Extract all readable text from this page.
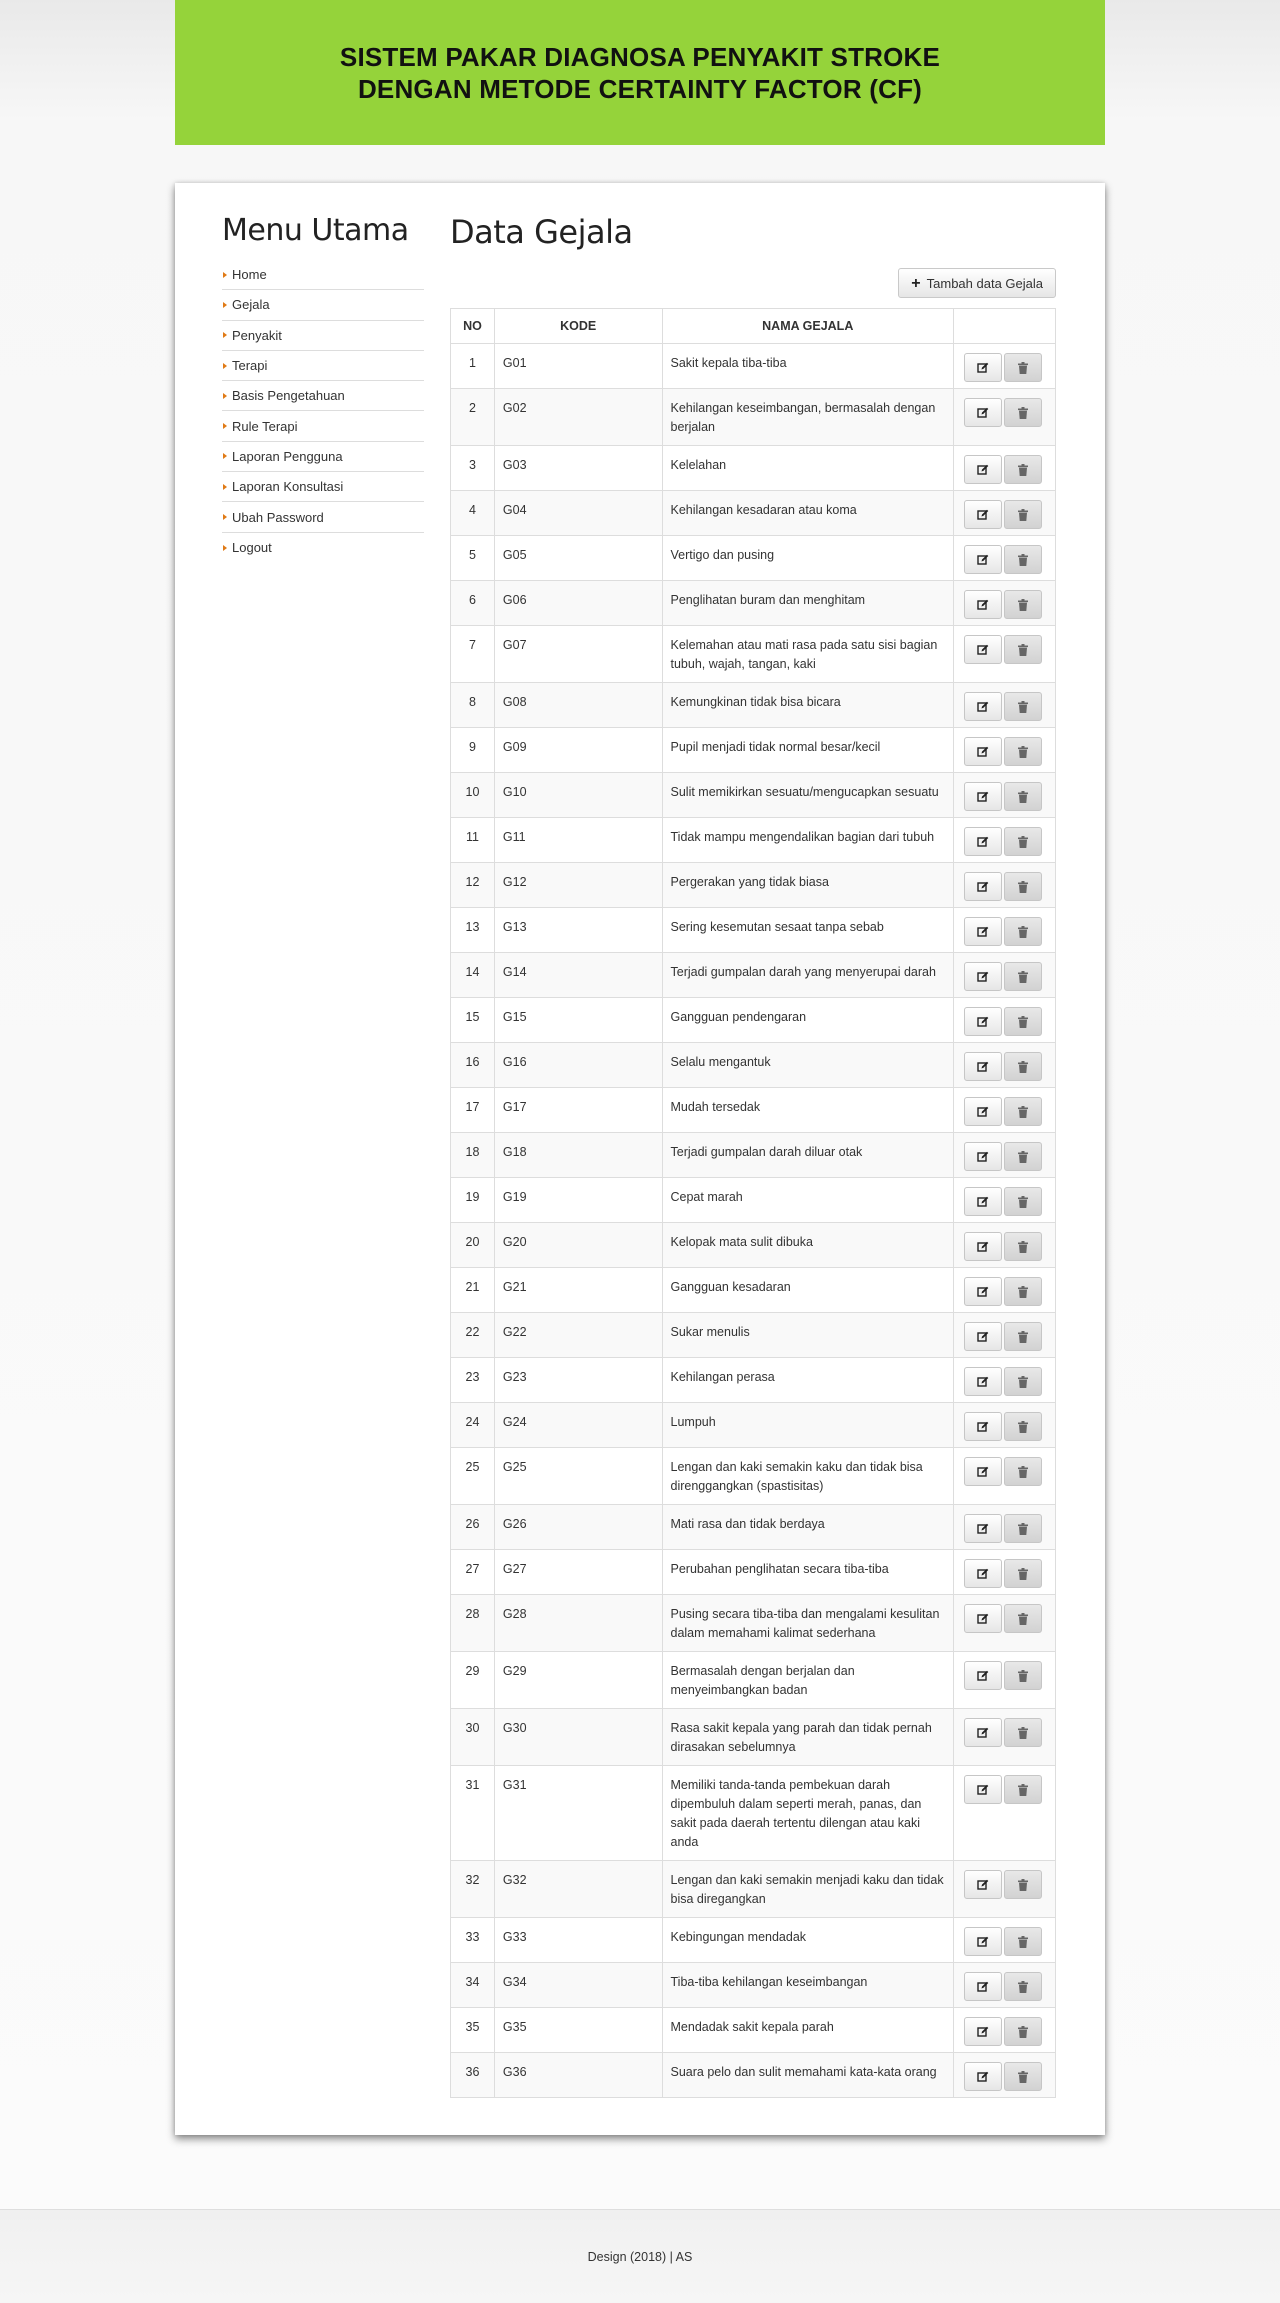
SISTEM PAKAR DIAGNOSA PENYAKIT STROKE
DENGAN METODE CERTAINTY FACTOR (CF)
Menu Utama
Home
Gejala
Penyakit
Terapi
Basis Pengetahuan
Rule Terapi
Laporan Pengguna
Laporan Konsultasi
Ubah Password
Logout
Data Gejala
+ Tambah data Gejala
NO	KODE	NAMA GEJALA	
1	G01	Sakit kepala tiba-tiba	

2	G02	Kehilangan keseimbangan, bermasalah dengan berjalan	

3	G03	Kelelahan	

4	G04	Kehilangan kesadaran atau koma	

5	G05	Vertigo dan pusing	

6	G06	Penglihatan buram dan menghitam	

7	G07	Kelemahan atau mati rasa pada satu sisi bagian tubuh, wajah, tangan, kaki	

8	G08	Kemungkinan tidak bisa bicara	

9	G09	Pupil menjadi tidak normal besar/kecil	

10	G10	Sulit memikirkan sesuatu/mengucapkan sesuatu	

11	G11	Tidak mampu mengendalikan bagian dari tubuh	

12	G12	Pergerakan yang tidak biasa	

13	G13	Sering kesemutan sesaat tanpa sebab	

14	G14	Terjadi gumpalan darah yang menyerupai darah	

15	G15	Gangguan pendengaran	

16	G16	Selalu mengantuk	

17	G17	Mudah tersedak	

18	G18	Terjadi gumpalan darah diluar otak	

19	G19	Cepat marah	

20	G20	Kelopak mata sulit dibuka	

21	G21	Gangguan kesadaran	

22	G22	Sukar menulis	

23	G23	Kehilangan perasa	

24	G24	Lumpuh	

25	G25	Lengan dan kaki semakin kaku dan tidak bisa direnggangkan (spastisitas)	

26	G26	Mati rasa dan tidak berdaya	

27	G27	Perubahan penglihatan secara tiba-tiba	

28	G28	Pusing secara tiba-tiba dan mengalami kesulitan dalam memahami kalimat sederhana	

29	G29	Bermasalah dengan berjalan dan menyeimbangkan badan	

30	G30	Rasa sakit kepala yang parah dan tidak pernah dirasakan sebelumnya	

31	G31	Memiliki tanda-tanda pembekuan darah dipembuluh dalam seperti merah, panas, dan sakit pada daerah tertentu dilengan atau kaki anda	

32	G32	Lengan dan kaki semakin menjadi kaku dan tidak bisa diregangkan	

33	G33	Kebingungan mendadak	

34	G34	Tiba-tiba kehilangan keseimbangan	

35	G35	Mendadak sakit kepala parah	

36	G36	Suara pelo dan sulit memahami kata-kata orang	
Design (2018) | AS
